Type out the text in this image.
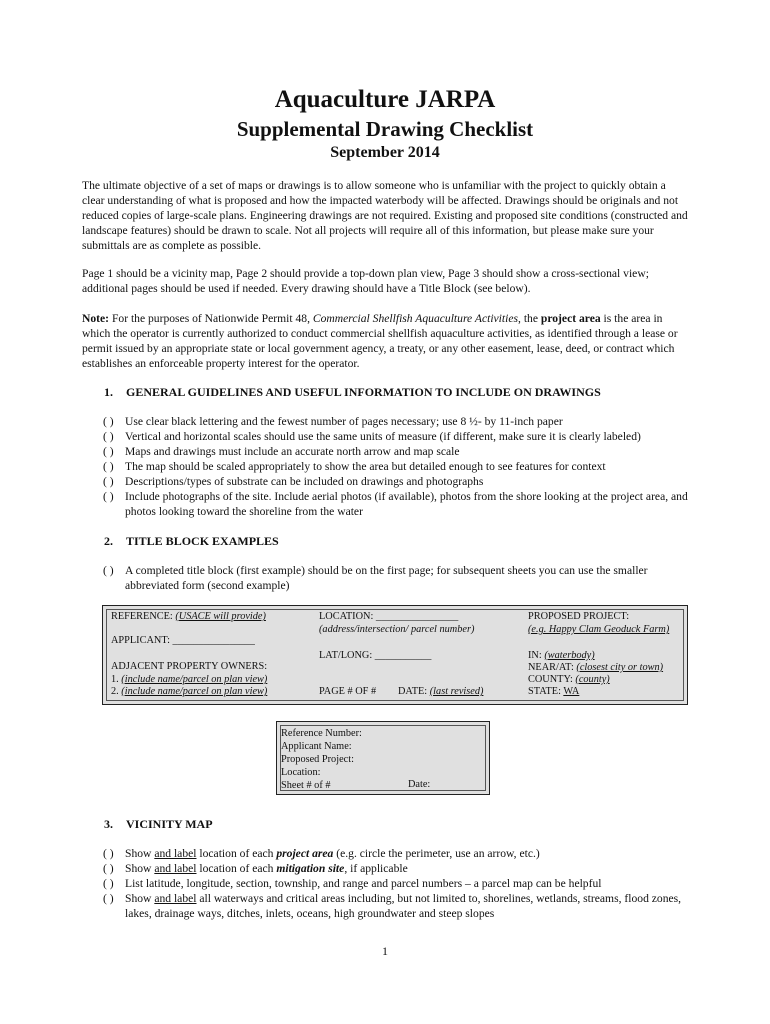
Aquaculture JARPA
Supplemental Drawing Checklist
September 2014

The ultimate objective of a set of maps or drawings is to allow someone who is unfamiliar with the project to quickly obtain a clear understanding of what is proposed and how the impacted waterbody will be affected. Drawings should be originals and not reduced copies of large-scale plans. Engineering drawings are not required. Existing and proposed site conditions (constructed and landscape features) should be drawn to scale. Not all projects will require all of this information, but please make sure your submittals are as complete as possible.

Page 1 should be a vicinity map, Page 2 should provide a top-down plan view, Page 3 should show a cross-sectional view; additional pages should be used if needed. Every drawing should have a Title Block (see below).

Note: For the purposes of Nationwide Permit 48, Commercial Shellfish Aquaculture Activities, the project area is the area in which the operator is currently authorized to conduct commercial shellfish aquaculture activities, as identified through a lease or permit issued by an appropriate state or local government agency, a treaty, or any other easement, lease, deed, or contract which establishes an enforceable property interest for the operator.

1. GENERAL GUIDELINES AND USEFUL INFORMATION TO INCLUDE ON DRAWINGS
( ) Use clear black lettering and the fewest number of pages necessary; use 8 ½- by 11-inch paper
( ) Vertical and horizontal scales should use the same units of measure (if different, make sure it is clearly labeled)
( ) Maps and drawings must include an accurate north arrow and map scale
( ) The map should be scaled appropriately to show the area but detailed enough to see features for context
( ) Descriptions/types of substrate can be included on drawings and photographs
( ) Include photographs of the site. Include aerial photos (if available), photos from the shore looking at the project area, and photos looking toward the shoreline from the water
2. TITLE BLOCK EXAMPLES
( ) A completed title block (first example) should be on the first page; for subsequent sheets you can use the smaller abbreviated form (second example)
REFERENCE: (USACE will provide)
APPLICANT: ________________
ADJACENT PROPERTY OWNERS:
1. (include name/parcel on plan view)
2. (include name/parcel on plan view)
LOCATION: ________________
(address/intersection/ parcel number)
LAT/LONG: ___________
PAGE # OF # DATE: (last revised)
PROPOSED PROJECT:
(e.g. Happy Clam Geoduck Farm)
IN: (waterbody)
NEAR/AT: (closest city or town)
COUNTY: (county)
STATE: WA
Reference Number:
Applicant Name:
Proposed Project:
Location:
Sheet # of #	Date:
3. VICINITY MAP
( ) Show and label location of each project area (e.g. circle the perimeter, use an arrow, etc.)
( ) Show and label location of each mitigation site, if applicable
( ) List latitude, longitude, section, township, and range and parcel numbers – a parcel map can be helpful
( ) Show and label all waterways and critical areas including, but not limited to, shorelines, wetlands, streams, flood zones, lakes, drainage ways, ditches, inlets, oceans, high groundwater and steep slopes
1
